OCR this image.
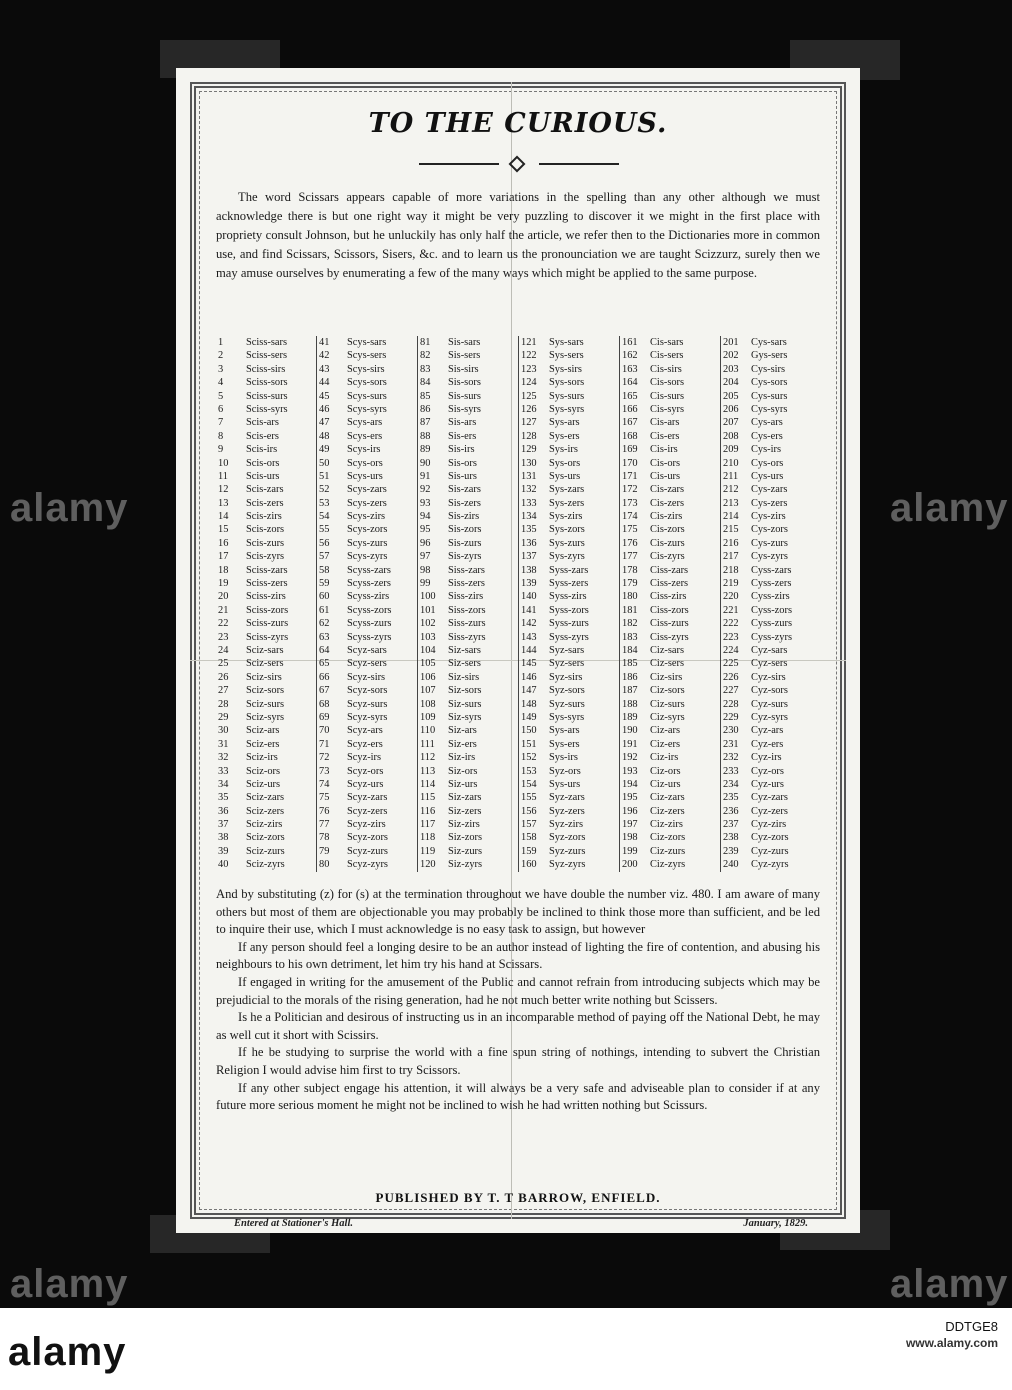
TO THE CURIOUS.

The word Scissars appears capable of more variations in the spelling than any other although we must acknowledge there is but one right way it might be very puzzling to discover it we might in the first place with propriety consult Johnson, but he unluckily has only half the article, we refer then to the Dictionaries more in common use, and find Scissars, Scissors, Sisers, &c. and to learn us the pronounciation we are taught Scizzurz, surely then we may amuse ourselves by enumerating a few of the many ways which might be applied to the same purpose.

1	Sciss-sars
2	Sciss-sers
3	Sciss-sirs
4	Sciss-sors
5	Sciss-surs
6	Sciss-syrs
7	Scis-ars
8	Scis-ers
9	Scis-irs
10	Scis-ors
11	Scis-urs
12	Scis-zars
13	Scis-zers
14	Scis-zirs
15	Scis-zors
16	Scis-zurs
17	Scis-zyrs
18	Sciss-zars
19	Sciss-zers
20	Sciss-zirs
21	Sciss-zors
22	Sciss-zurs
23	Sciss-zyrs
24	Sciz-sars
25	Sciz-sers
26	Sciz-sirs
27	Sciz-sors
28	Sciz-surs
29	Sciz-syrs
30	Sciz-ars
31	Sciz-ers
32	Sciz-irs
33	Sciz-ors
34	Sciz-urs
35	Sciz-zars
36	Sciz-zers
37	Sciz-zirs
38	Sciz-zors
39	Sciz-zurs
40	Sciz-zyrs
41	Scys-sars
42	Scys-sers
43	Scys-sirs
44	Scys-sors
45	Scys-surs
46	Scys-syrs
47	Scys-ars
48	Scys-ers
49	Scys-irs
50	Scys-ors
51	Scys-urs
52	Scys-zars
53	Scys-zers
54	Scys-zirs
55	Scys-zors
56	Scys-zurs
57	Scys-zyrs
58	Scyss-zars
59	Scyss-zers
60	Scyss-zirs
61	Scyss-zors
62	Scyss-zurs
63	Scyss-zyrs
64	Scyz-sars
65	Scyz-sers
66	Scyz-sirs
67	Scyz-sors
68	Scyz-surs
69	Scyz-syrs
70	Scyz-ars
71	Scyz-ers
72	Scyz-irs
73	Scyz-ors
74	Scyz-urs
75	Scyz-zars
76	Scyz-zers
77	Scyz-zirs
78	Scyz-zors
79	Scyz-zurs
80	Scyz-zyrs
81	Sis-sars
82	Sis-sers
83	Sis-sirs
84	Sis-sors
85	Sis-surs
86	Sis-syrs
87	Sis-ars
88	Sis-ers
89	Sis-irs
90	Sis-ors
91	Sis-urs
92	Sis-zars
93	Sis-zers
94	Sis-zirs
95	Sis-zors
96	Sis-zurs
97	Sis-zyrs
98	Siss-zars
99	Siss-zers
100	Siss-zirs
101	Siss-zors
102	Siss-zurs
103	Siss-zyrs
104	Siz-sars
105	Siz-sers
106	Siz-sirs
107	Siz-sors
108	Siz-surs
109	Siz-syrs
110	Siz-ars
111	Siz-ers
112	Siz-irs
113	Siz-ors
114	Siz-urs
115	Siz-zars
116	Siz-zers
117	Siz-zirs
118	Siz-zors
119	Siz-zurs
120	Siz-zyrs
121	Sys-sars
122	Sys-sers
123	Sys-sirs
124	Sys-sors
125	Sys-surs
126	Sys-syrs
127	Sys-ars
128	Sys-ers
129	Sys-irs
130	Sys-ors
131	Sys-urs
132	Sys-zars
133	Sys-zers
134	Sys-zirs
135	Sys-zors
136	Sys-zurs
137	Sys-zyrs
138	Syss-zars
139	Syss-zers
140	Syss-zirs
141	Syss-zors
142	Syss-zurs
143	Syss-zyrs
144	Syz-sars
145	Syz-sers
146	Syz-sirs
147	Syz-sors
148	Syz-surs
149	Sys-syrs
150	Sys-ars
151	Sys-ers
152	Sys-irs
153	Syz-ors
154	Sys-urs
155	Syz-zars
156	Syz-zers
157	Syz-zirs
158	Syz-zors
159	Syz-zurs
160	Syz-zyrs
161	Cis-sars
162	Cis-sers
163	Cis-sirs
164	Cis-sors
165	Cis-surs
166	Cis-syrs
167	Cis-ars
168	Cis-ers
169	Cis-irs
170	Cis-ors
171	Cis-urs
172	Cis-zars
173	Cis-zers
174	Cis-zirs
175	Cis-zors
176	Cis-zurs
177	Cis-zyrs
178	Ciss-zars
179	Ciss-zers
180	Ciss-zirs
181	Ciss-zors
182	Ciss-zurs
183	Ciss-zyrs
184	Ciz-sars
185	Ciz-sers
186	Ciz-sirs
187	Ciz-sors
188	Ciz-surs
189	Ciz-syrs
190	Ciz-ars
191	Ciz-ers
192	Ciz-irs
193	Ciz-ors
194	Ciz-urs
195	Ciz-zars
196	Ciz-zers
197	Ciz-zirs
198	Ciz-zors
199	Ciz-zurs
200	Ciz-zyrs
201	Cys-sars
202	Gys-sers
203	Cys-sirs
204	Cys-sors
205	Cys-surs
206	Cys-syrs
207	Cys-ars
208	Cys-ers
209	Cys-irs
210	Cys-ors
211	Cys-urs
212	Cys-zars
213	Cys-zers
214	Cys-zirs
215	Cys-zors
216	Cys-zurs
217	Cys-zyrs
218	Cyss-zars
219	Cyss-zers
220	Cyss-zirs
221	Cyss-zors
222	Cyss-zurs
223	Cyss-zyrs
224	Cyz-sars
225	Cyz-sers
226	Cyz-sirs
227	Cyz-sors
228	Cyz-surs
229	Cyz-syrs
230	Cyz-ars
231	Cyz-ers
232	Cyz-irs
233	Cyz-ors
234	Cyz-urs
235	Cyz-zars
236	Cyz-zers
237	Cyz-zirs
238	Cyz-zors
239	Cyz-zurs
240	Cyz-zyrs

And by substituting (z) for (s) at the termination throughout we have double the number viz. 480. I am aware of many others but most of them are objectionable you may probably be inclined to think those more than sufficient, and be led to inquire their use, which I must acknowledge is no easy task to assign, but however

If any person should feel a longing desire to be an author instead of lighting the fire of contention, and abusing his neighbours to his own detriment, let him try his hand at Scissars.

If engaged in writing for the amusement of the Public and cannot refrain from introducing subjects which may be prejudicial to the morals of the rising generation, had he not much better write nothing but Scissers.

Is he a Politician and desirous of instructing us in an incomparable method of paying off the National Debt, he may as well cut it short with Scissirs.

If he be studying to surprise the world with a fine spun string of nothings, intending to subvert the Christian Religion I would advise him first to try Scissors.

If any other subject engage his attention, it will always be a very safe and adviseable plan to consider if at any future more serious moment he might not be inclined to wish he had written nothing but Scissurs.

PUBLISHED BY T. T BARROW, ENFIELD.
Entered at Stationer's Hall.	January, 1829.
alamy	alamy
alamy	alamy
alamy
DDTGE8
www.alamy.com
